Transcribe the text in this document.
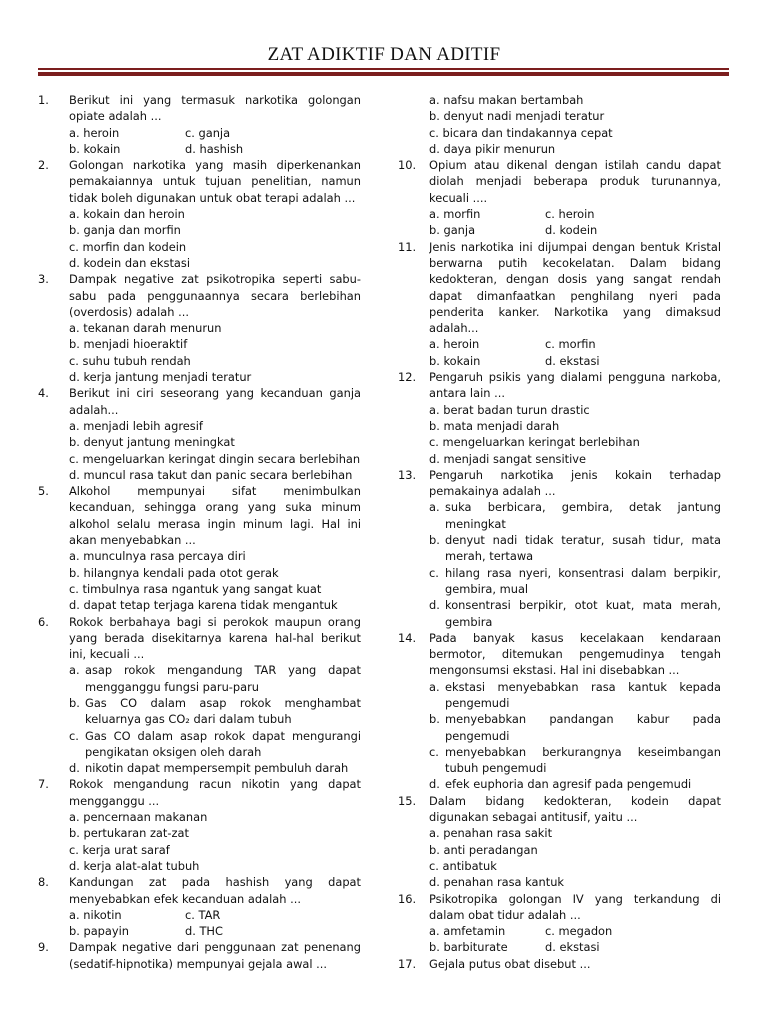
ZAT ADIKTIF DAN ADITIF
1.	Berikut ini yang termasuk narkotika golongan
opiate adalah ...
a. heroin	c. ganja
b. kokain	d. hashish
2.	Golongan narkotika yang masih diperkenankan
pemakaiannya untuk tujuan penelitian, namun
tidak boleh digunakan untuk obat terapi adalah ...
a. kokain dan heroin
b. ganja dan morfin
c. morfin dan kodein
d. kodein dan ekstasi
3.	Dampak negative zat psikotropika seperti sabu-
sabu pada penggunaannya secara berlebihan
(overdosis) adalah ...
a. tekanan darah menurun
b. menjadi hioeraktif
c. suhu tubuh rendah
d. kerja jantung menjadi teratur
4.	Berikut ini ciri seseorang yang kecanduan ganja
adalah...
a. menjadi lebih agresif
b. denyut jantung meningkat
c. mengeluarkan keringat dingin secara berlebihan
d. muncul rasa takut dan panic secara berlebihan
5.	Alkohol mempunyai sifat menimbulkan
kecanduan, sehingga orang yang suka minum
alkohol selalu merasa ingin minum lagi. Hal ini
akan menyebabkan ...
a. munculnya rasa percaya diri
b. hilangnya kendali pada otot gerak
c. timbulnya rasa ngantuk yang sangat kuat
d. dapat tetap terjaga karena tidak mengantuk
6.	Rokok berbahaya bagi si perokok maupun orang
yang berada disekitarnya karena hal-hal berikut
ini, kecuali ...
a. asap rokok mengandung TAR yang dapat
mengganggu fungsi paru-paru
b. Gas CO dalam asap rokok menghambat
keluarnya gas CO₂ dari dalam tubuh
c. Gas CO dalam asap rokok dapat mengurangi
pengikatan oksigen oleh darah
d. nikotin dapat mempersempit pembuluh darah
7.	Rokok mengandung racun nikotin yang dapat
mengganggu ...
a. pencernaan makanan
b. pertukaran zat-zat
c. kerja urat saraf
d. kerja alat-alat tubuh
8.	Kandungan zat pada hashish yang dapat
menyebabkan efek kecanduan adalah ...
a. nikotin	c. TAR
b. papayin	d. THC
9.	Dampak negative dari penggunaan zat penenang
(sedatif-hipnotika) mempunyai gejala awal ...
a. nafsu makan bertambah
b. denyut nadi menjadi teratur
c. bicara dan tindakannya cepat
d. daya pikir menurun
10.	Opium atau dikenal dengan istilah candu dapat
diolah menjadi beberapa produk turunannya,
kecuali ....
a. morfin	c. heroin
b. ganja	d. kodein
11.	Jenis narkotika ini dijumpai dengan bentuk Kristal
berwarna putih kecokelatan. Dalam bidang
kedokteran, dengan dosis yang sangat rendah
dapat dimanfaatkan penghilang nyeri pada
penderita kanker. Narkotika yang dimaksud
adalah...
a. heroin	c. morfin
b. kokain	d. ekstasi
12.	Pengaruh psikis yang dialami pengguna narkoba,
antara lain ...
a. berat badan turun drastic
b. mata menjadi darah
c. mengeluarkan keringat berlebihan
d. menjadi sangat sensitive
13.	Pengaruh narkotika jenis kokain terhadap
pemakainya adalah ...
a. suka berbicara, gembira, detak jantung
meningkat
b. denyut nadi tidak teratur, susah tidur, mata
merah, tertawa
c. hilang rasa nyeri, konsentrasi dalam berpikir,
gembira, mual
d. konsentrasi berpikir, otot kuat, mata merah,
gembira
14.	Pada banyak kasus kecelakaan kendaraan
bermotor, ditemukan pengemudinya tengah
mengonsumsi ekstasi. Hal ini disebabkan ...
a. ekstasi menyebabkan rasa kantuk kepada
pengemudi
b. menyebabkan pandangan kabur pada
pengemudi
c. menyebabkan berkurangnya keseimbangan
tubuh pengemudi
d. efek euphoria dan agresif pada pengemudi
15.	Dalam bidang kedokteran, kodein dapat
digunakan sebagai antitusif, yaitu ...
a. penahan rasa sakit
b. anti peradangan
c. antibatuk
d. penahan rasa kantuk
16.	Psikotropika golongan IV yang terkandung di
dalam obat tidur adalah ...
a. amfetamin	c. megadon
b. barbiturate	d. ekstasi
17.	Gejala putus obat disebut ...
